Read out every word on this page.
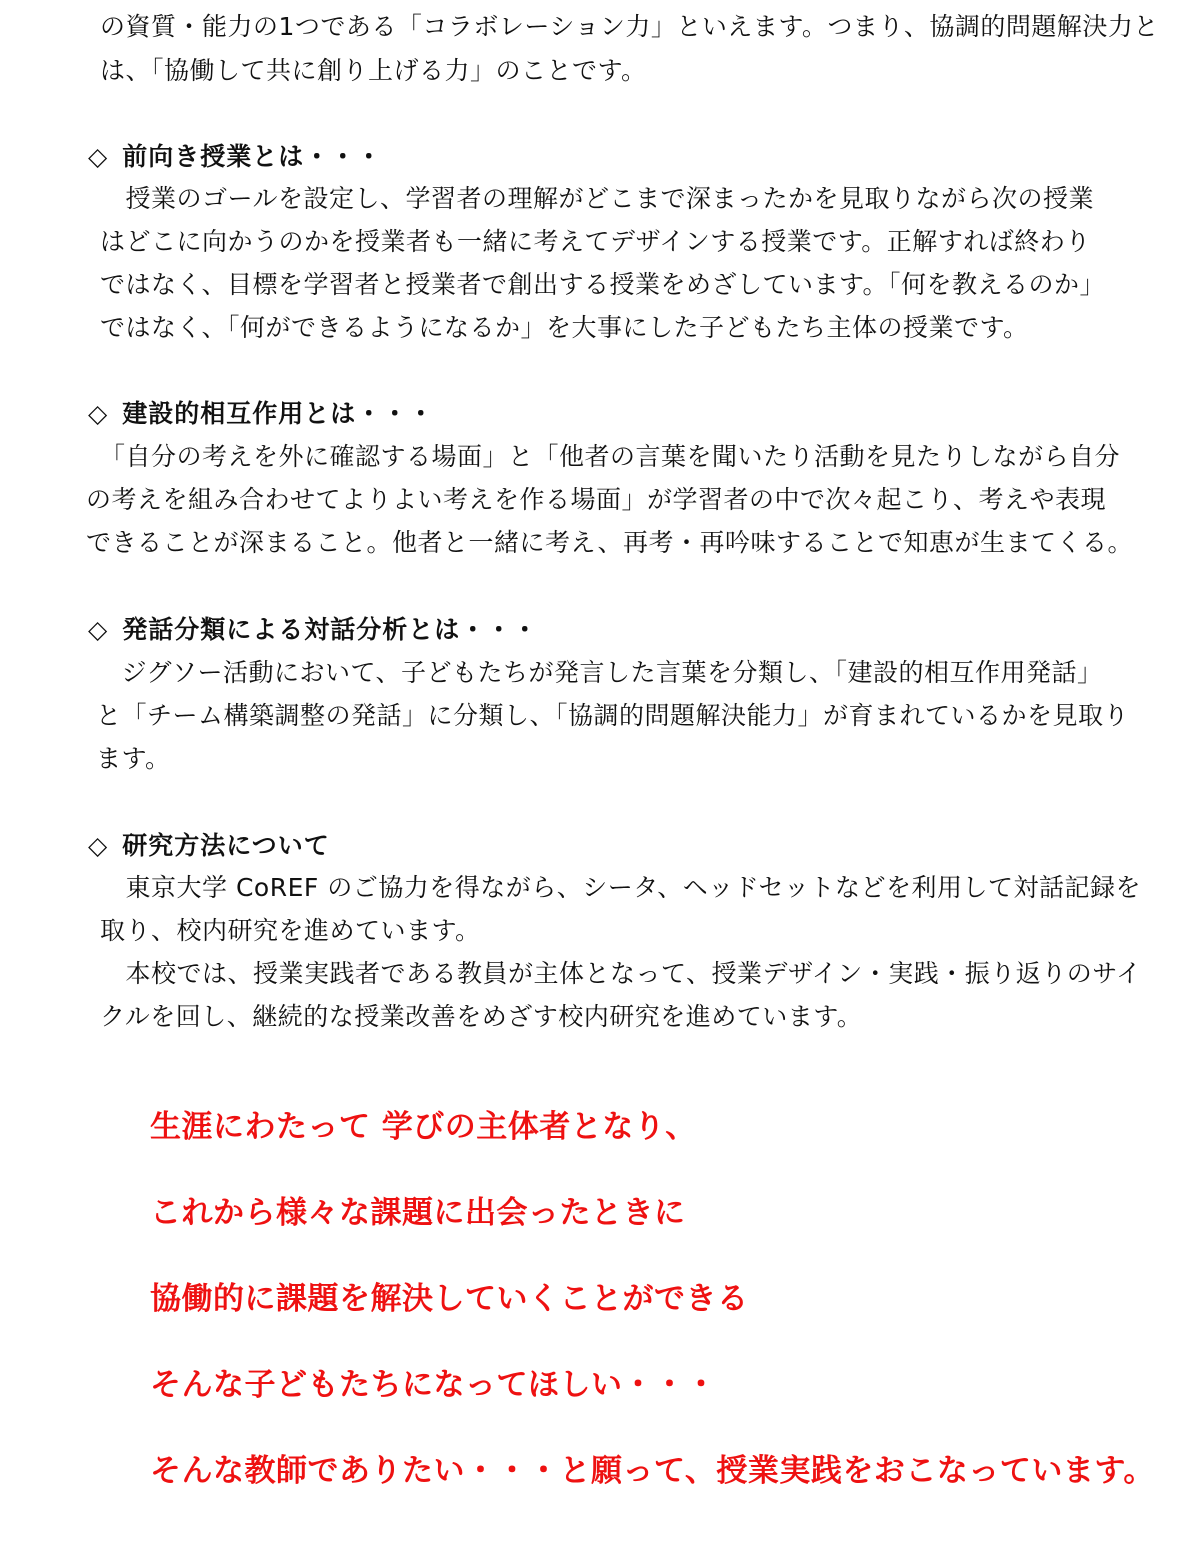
の資質・能力の1つである「コラボレーション力」といえます。つまり、協調的問題解決力と
は、「協働して共に創り上げる力」のことです。
◇ 前向き授業とは・・・
　授業のゴールを設定し、学習者の理解がどこまで深まったかを見取りながら次の授業
はどこに向かうのかを授業者も一緒に考えてデザインする授業です。正解すれば終わり
ではなく、目標を学習者と授業者で創出する授業をめざしています。「何を教えるのか」
ではなく、「何ができるようになるか」を大事にした子どもたち主体の授業です。
◇ 建設的相互作用とは・・・
「自分の考えを外に確認する場面」と「他者の言葉を聞いたり活動を見たりしながら自分
の考えを組み合わせてよりよい考えを作る場面」が学習者の中で次々起こり、考えや表現
できることが深まること。他者と一緒に考え、再考・再吟味することで知恵が生まてくる。
◇ 発話分類による対話分析とは・・・
　ジグソー活動において、子どもたちが発言した言葉を分類し、「建設的相互作用発話」
と「チーム構築調整の発話」に分類し、「協調的問題解決能力」が育まれているかを見取り
ます。
◇ 研究方法について
　東京大学 CoREF のご協力を得ながら、シータ、ヘッドセットなどを利用して対話記録を
取り、校内研究を進めています。
　本校では、授業実践者である教員が主体となって、授業デザイン・実践・振り返りのサイ
クルを回し、継続的な授業改善をめざす校内研究を進めています。
生涯にわたって 学びの主体者となり、
これから様々な課題に出会ったときに
協働的に課題を解決していくことができる
そんな子どもたちになってほしい・・・
そんな教師でありたい・・・と願って、授業実践をおこなっています。
